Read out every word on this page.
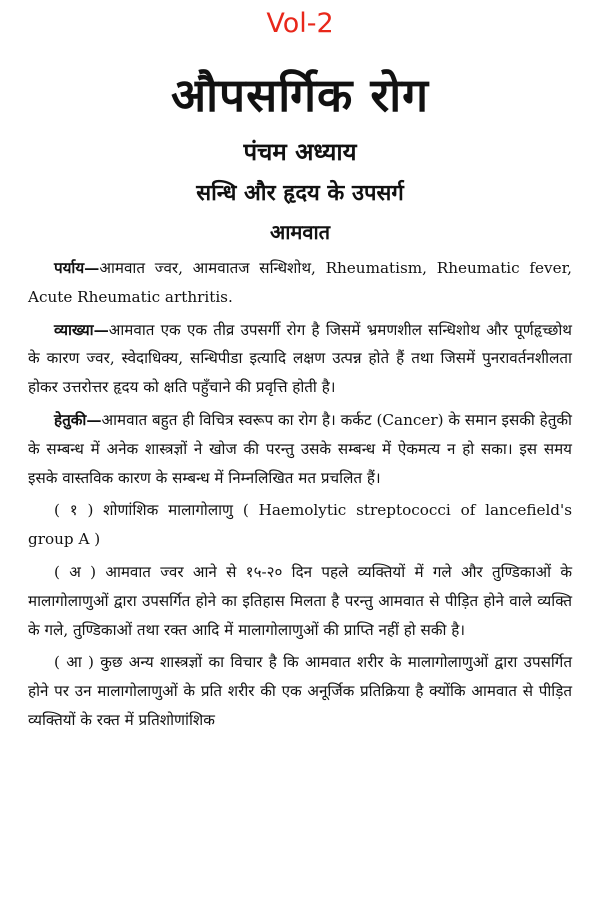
Vol-2
औपसर्गिक रोग
पंचम अध्याय
सन्धि और हृदय के उपसर्ग
आमवात

पर्याय—आमवात ज्वर, आमवातज सन्धिशोथ, Rheumatism, Rheumatic fever, Acute Rheumatic arthritis.

व्याख्या—आमवात एक एक तीव्र उपसर्गी रोग है जिसमें भ्रमणशील सन्धिशोथ और पूर्णहृच्छोथ के कारण ज्वर, स्वेदाधिक्य, सन्धिपीडा इत्यादि लक्षण उत्पन्न होते हैं तथा जिसमें पुनरावर्तनशीलता होकर उत्तरोत्तर हृदय को क्षति पहुँचाने की प्रवृत्ति होती है।

हेतुकी—आमवात बहुत ही विचित्र स्वरूप का रोग है। कर्कट (Cancer) के समान इसकी हेतुकी के सम्बन्ध में अनेक शास्त्रज्ञों ने खोज की परन्तु उसके सम्बन्ध में ऐकमत्य न हो सका। इस समय इसके वास्तविक कारण के सम्बन्ध में निम्नलिखित मत प्रचलित हैं।

( १ ) शोणांशिक मालागोलाणु ( Haemolytic streptococci of lancefield's group A )

( अ ) आमवात ज्वर आने से १५-२० दिन पहले व्यक्तियों में गले और तुण्डिकाओं के मालागोलाणुओं द्वारा उपसर्गित होने का इतिहास मिलता है परन्तु आमवात से पीड़ित होने वाले व्यक्ति के गले, तुण्डिकाओं तथा रक्त आदि में मालागोलाणुओं की प्राप्ति नहीं हो सकी है।

( आ ) कुछ अन्य शास्त्रज्ञों का विचार है कि आमवात शरीर के मालागोलाणुओं द्वारा उपसर्गित होने पर उन मालागोलाणुओं के प्रति शरीर की एक अनूर्जिक प्रतिक्रिया है क्योंकि आमवात से पीड़ित व्यक्तियों के रक्त में प्रतिशोणांशिक
